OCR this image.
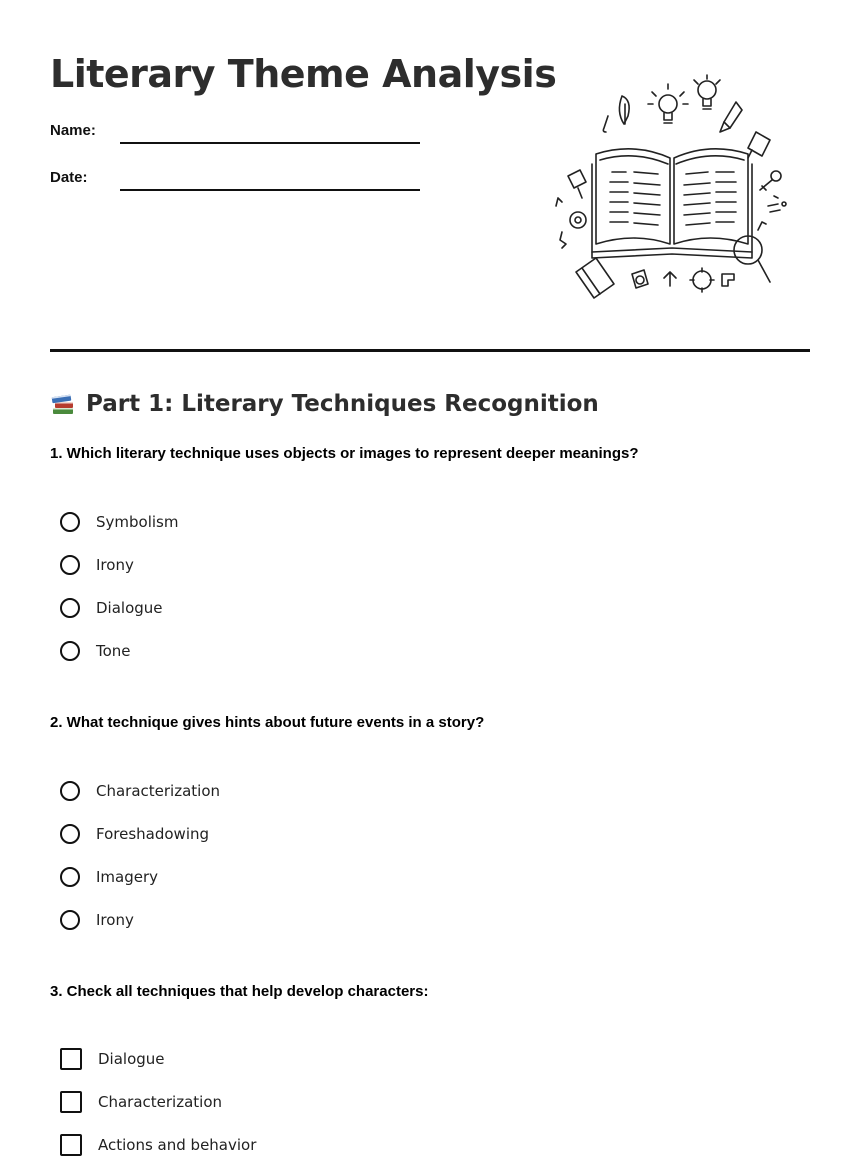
Literary Theme Analysis
Name:
Date:
Part 1: Literary Techniques Recognition
1. Which literary technique uses objects or images to represent deeper meanings?
Symbolism
Irony
Dialogue
Tone
2. What technique gives hints about future events in a story?
Characterization
Foreshadowing
Imagery
Irony
3. Check all techniques that help develop characters:
Dialogue
Characterization
Actions and behavior
